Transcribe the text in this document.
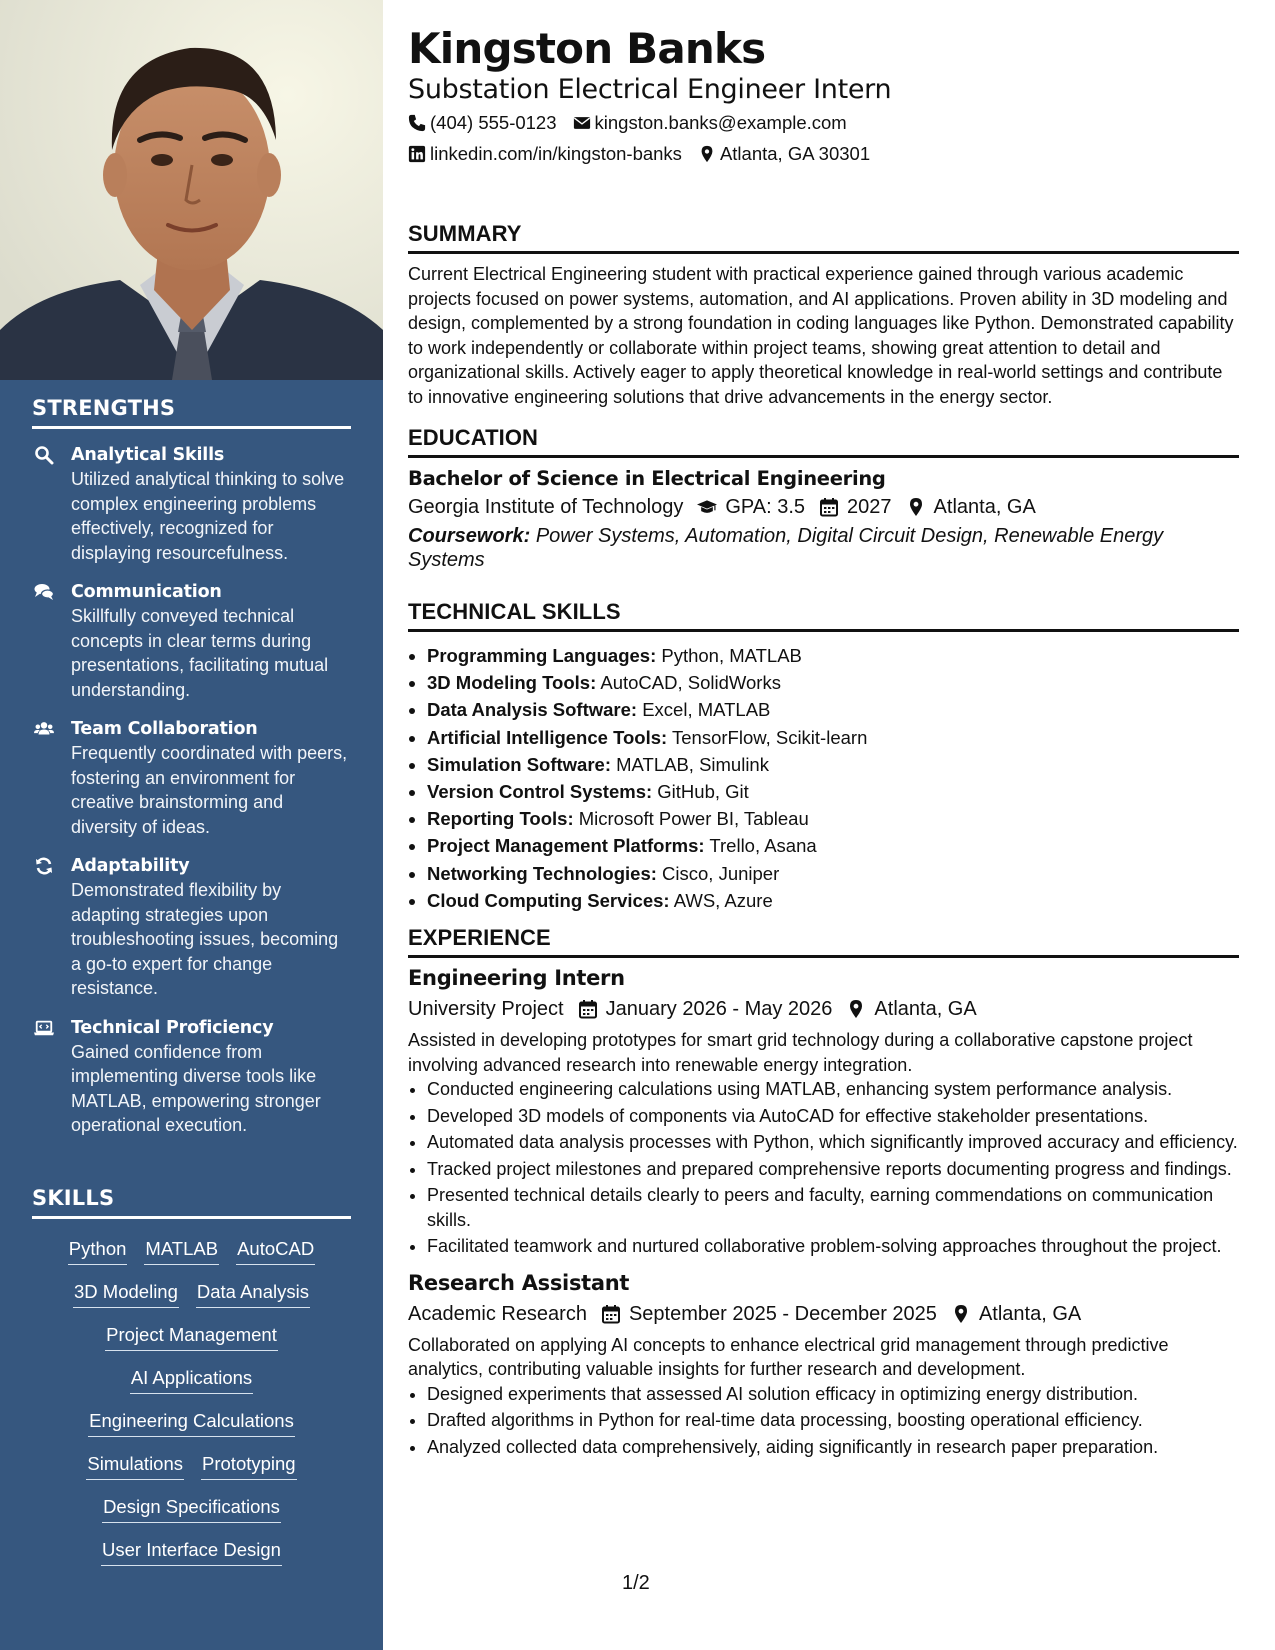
STRENGTHS
Analytical Skills
Utilized analytical thinking to solve complex engineering problems effectively, recognized for displaying resourcefulness.
Communication
Skillfully conveyed technical concepts in clear terms during presentations, facilitating mutual understanding.
Team Collaboration
Frequently coordinated with peers, fostering an environment for creative brainstorming and diversity of ideas.
Adaptability
Demonstrated flexibility by adapting strategies upon troubleshooting issues, becoming a go-to expert for change resistance.
Technical Proficiency
Gained confidence from implementing diverse tools like MATLAB, empowering stronger operational execution.
SKILLS
Python MATLAB AutoCAD
3D Modeling Data Analysis
Project Management
AI Applications
Engineering Calculations
Simulations Prototyping
Design Specifications
User Interface Design
Kingston Banks
Substation Electrical Engineer Intern
(404) 555-0123 kingston.banks@example.com
linkedin.com/in/kingston-banks Atlanta, GA 30301
SUMMARY

Current Electrical Engineering student with practical experience gained through various academic projects focused on power systems, automation, and AI applications. Proven ability in 3D modeling and design, complemented by a strong foundation in coding languages like Python. Demonstrated capability to work independently or collaborate within project teams, showing great attention to detail and organizational skills. Actively eager to apply theoretical knowledge in real-world settings and contribute to innovative engineering solutions that drive advancements in the energy sector.

EDUCATION
Bachelor of Science in Electrical Engineering
Georgia Institute of Technology GPA: 3.5 2027 Atlanta, GA
Coursework: Power Systems, Automation, Digital Circuit Design, Renewable Energy Systems
TECHNICAL SKILLS
• Programming Languages: Python, MATLAB
• 3D Modeling Tools: AutoCAD, SolidWorks
• Data Analysis Software: Excel, MATLAB
• Artificial Intelligence Tools: TensorFlow, Scikit-learn
• Simulation Software: MATLAB, Simulink
• Version Control Systems: GitHub, Git
• Reporting Tools: Microsoft Power BI, Tableau
• Project Management Platforms: Trello, Asana
• Networking Technologies: Cisco, Juniper
• Cloud Computing Services: AWS, Azure
EXPERIENCE
Engineering Intern
University Project January 2026 - May 2026 Atlanta, GA

Assisted in developing prototypes for smart grid technology during a collaborative capstone project involving advanced research into renewable energy integration.

• Conducted engineering calculations using MATLAB, enhancing system performance analysis.
• Developed 3D models of components via AutoCAD for effective stakeholder presentations.
• Automated data analysis processes with Python, which significantly improved accuracy and efficiency.
• Tracked project milestones and prepared comprehensive reports documenting progress and findings.
• Presented technical details clearly to peers and faculty, earning commendations on communication skills.
• Facilitated teamwork and nurtured collaborative problem-solving approaches throughout the project.
Research Assistant
Academic Research September 2025 - December 2025 Atlanta, GA

Collaborated on applying AI concepts to enhance electrical grid management through predictive analytics, contributing valuable insights for further research and development.

• Designed experiments that assessed AI solution efficacy in optimizing energy distribution.
• Drafted algorithms in Python for real-time data processing, boosting operational efficiency.
• Analyzed collected data comprehensively, aiding significantly in research paper preparation.
1/2
